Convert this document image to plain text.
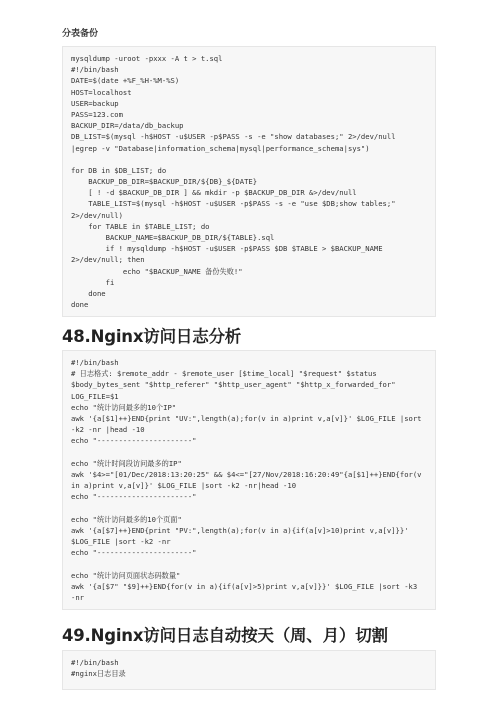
分表备份
mysqldump -uroot -pxxx -A t > t.sql
#!/bin/bash
DATE=$(date +%F_%H-%M-%S)
HOST=localhost
USER=backup
PASS=123.com
BACKUP_DIR=/data/db_backup
DB_LIST=$(mysql -h$HOST -u$USER -p$PASS -s -e "show databases;" 2>/dev/null
|egrep -v "Database|information_schema|mysql|performance_schema|sys")
for DB in $DB_LIST; do
BACKUP_DB_DIR=$BACKUP_DIR/${DB}_${DATE}
[ ! -d $BACKUP_DB_DIR ] && mkdir -p $BACKUP_DB_DIR &>/dev/null
TABLE_LIST=$(mysql -h$HOST -u$USER -p$PASS -s -e "use $DB;show tables;"
2>/dev/null)
for TABLE in $TABLE_LIST; do
BACKUP_NAME=$BACKUP_DB_DIR/${TABLE}.sql
if ! mysqldump -h$HOST -u$USER -p$PASS $DB $TABLE > $BACKUP_NAME
2>/dev/null; then
echo "$BACKUP_NAME 备份失败!"
fi
done
done
48.Nginx访问日志分析
#!/bin/bash
# 日志格式: $remote_addr - $remote_user [$time_local] "$request" $status
$body_bytes_sent "$http_referer" "$http_user_agent" "$http_x_forwarded_for"
LOG_FILE=$1
echo "统计访问最多的10个IP"
awk '{a[$1]++}END{print "UV:",length(a);for(v in a)print v,a[v]}' $LOG_FILE |sort
-k2 -nr |head -10
echo "----------------------"
echo "统计时间段访问最多的IP"
awk '$4>="[01/Dec/2018:13:20:25" && $4<="[27/Nov/2018:16:20:49"{a[$1]++}END{for(v
in a)print v,a[v]}' $LOG_FILE |sort -k2 -nr|head -10
echo "----------------------"
echo "统计访问最多的10个页面"
awk '{a[$7]++}END{print "PV:",length(a);for(v in a){if(a[v]>10)print v,a[v]}}'
$LOG_FILE |sort -k2 -nr
echo "----------------------"
echo "统计访问页面状态码数量"
awk '{a[$7" "$9]++}END{for(v in a){if(a[v]>5)print v,a[v]}}' $LOG_FILE |sort -k3
-nr
49.Nginx访问日志自动按天（周、月）切割
#!/bin/bash
#nginx日志目录
